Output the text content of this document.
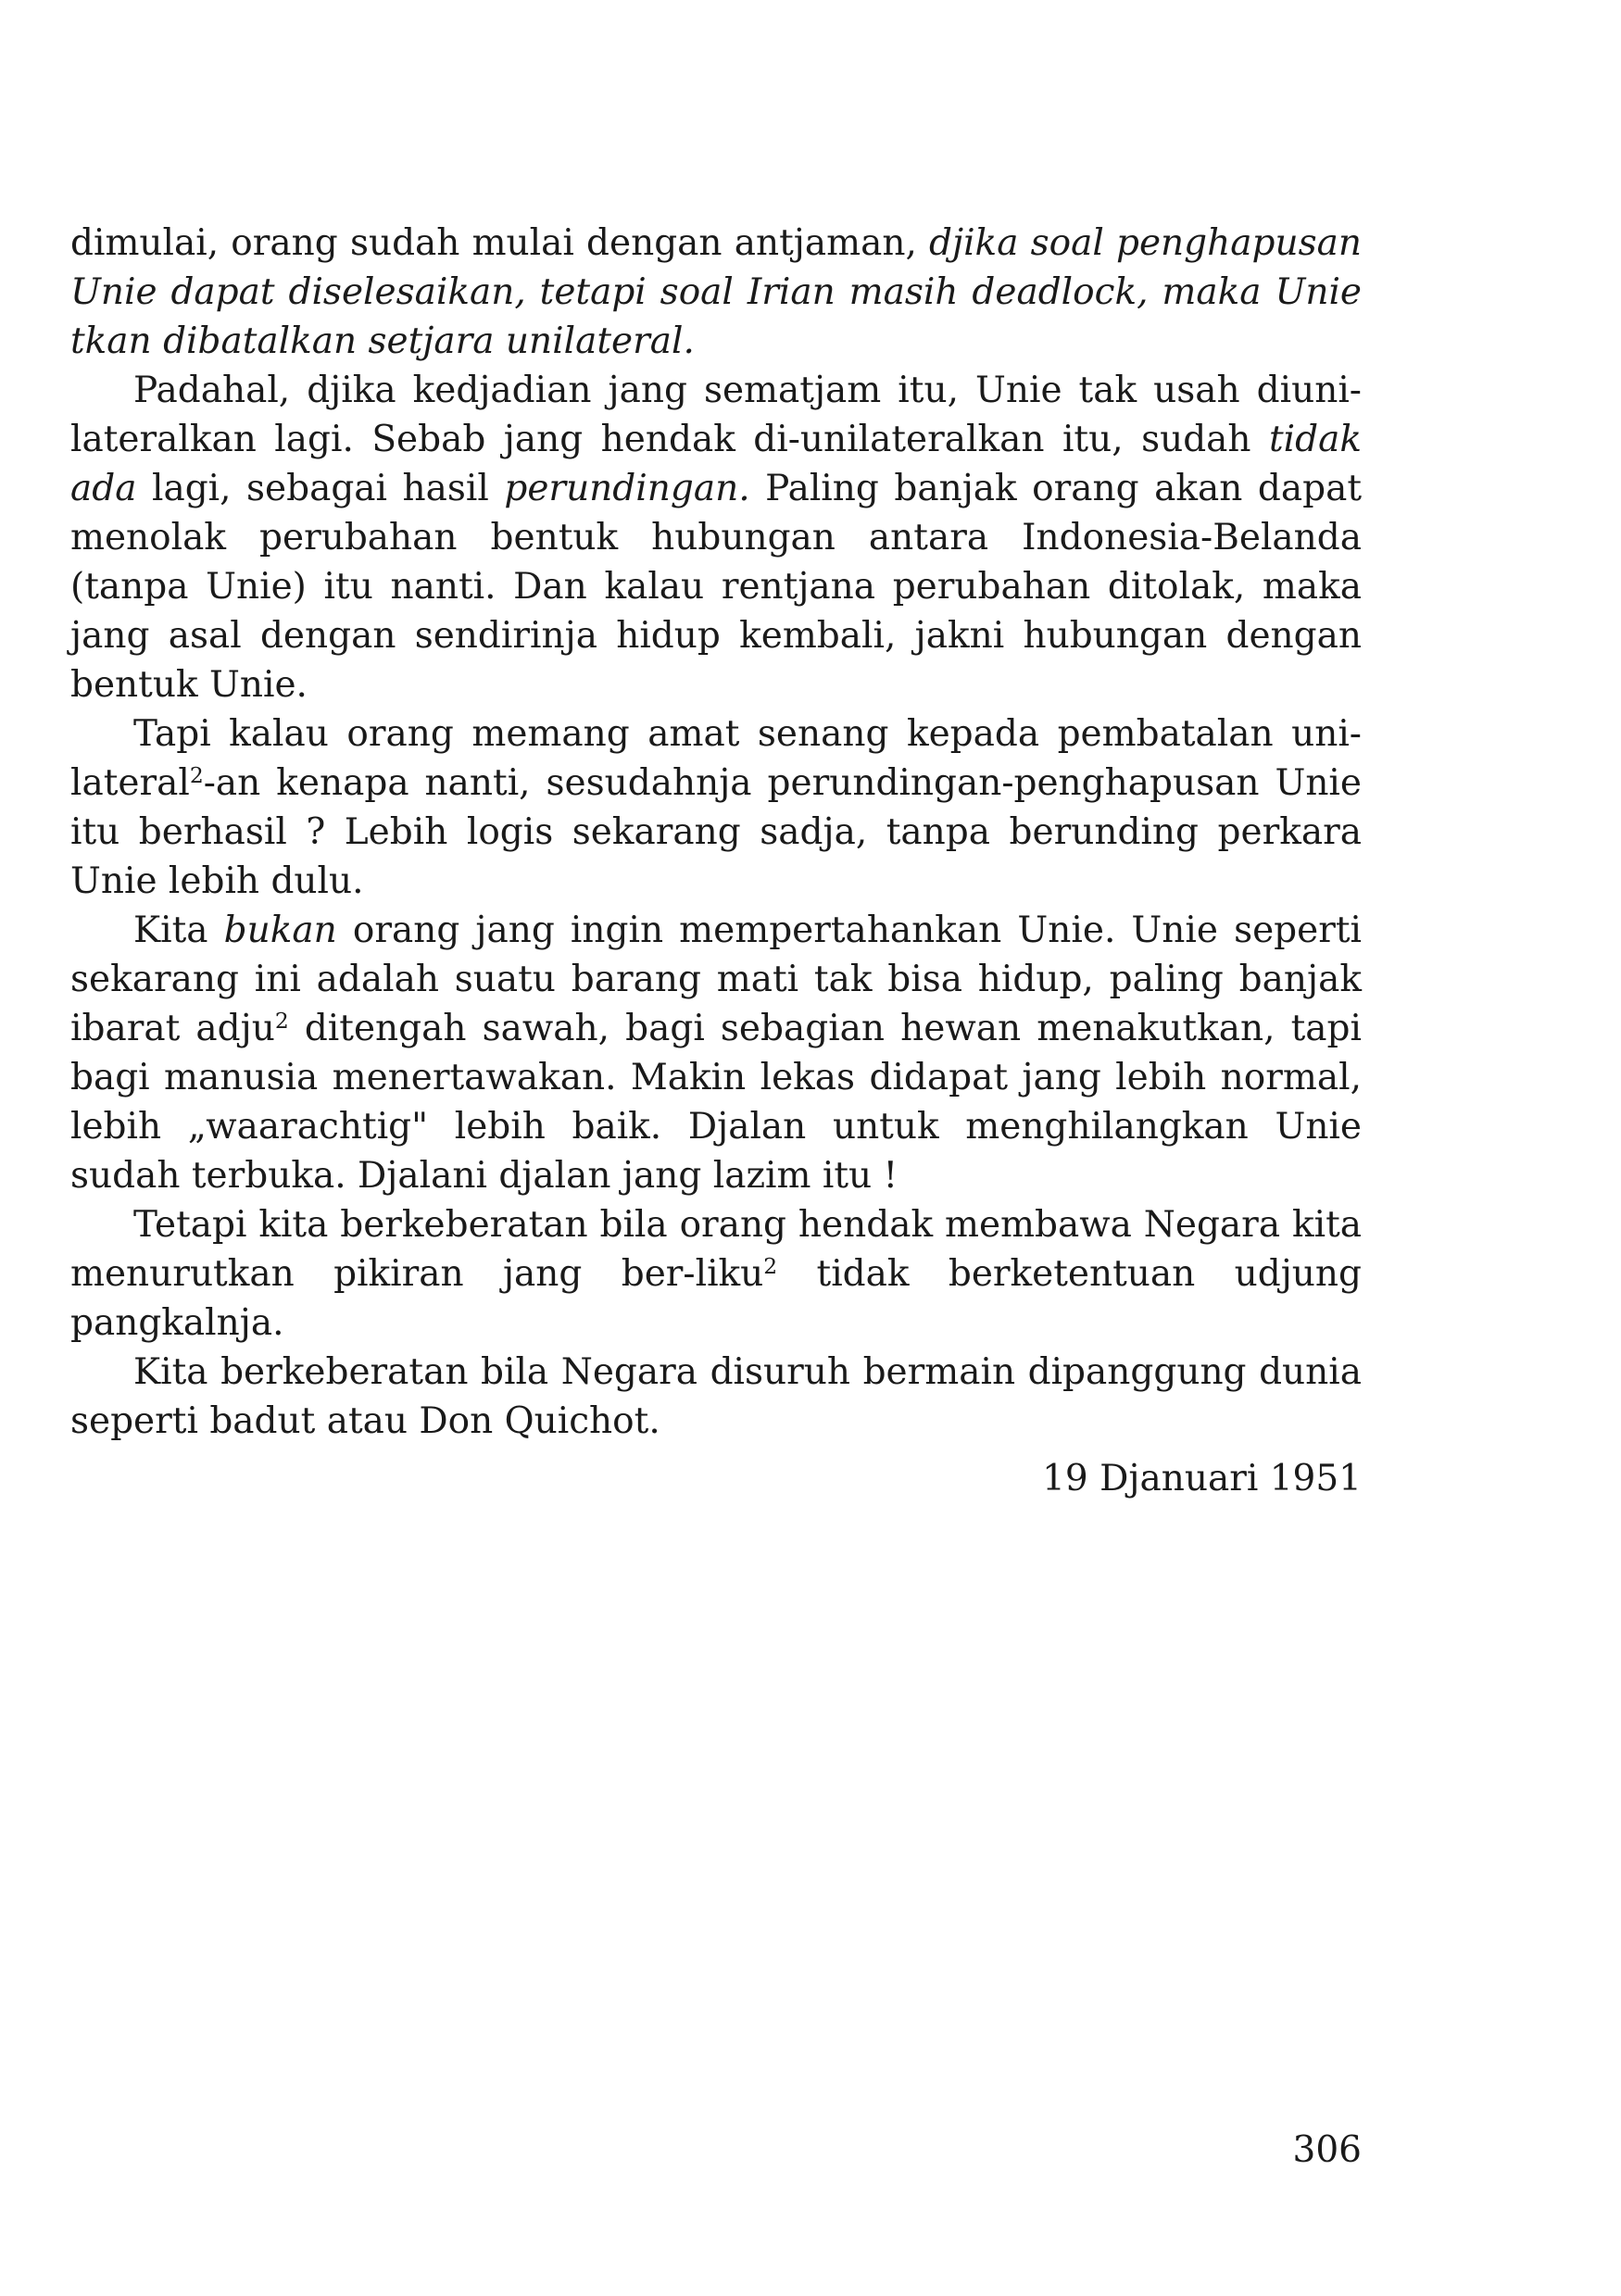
dimulai, orang sudah mulai dengan antjaman, djika soal penghapusan Unie dapat diselesaikan, tetapi soal Irian masih deadlock, maka Unie tkan dibatalkan setjara unilateral.

Padahal, djika kedjadian jang sematjam itu, Unie tak usah diuni-lateralkan lagi. Sebab jang hendak di-unilateralkan itu, sudah tidak ada lagi, sebagai hasil perundingan. Paling banjak orang akan dapat menolak perubahan bentuk hubungan antara Indonesia-Belanda (tanpa Unie) itu nanti. Dan kalau rentjana perubahan ditolak, maka jang asal dengan sendirinja hidup kembali, jakni hubungan dengan bentuk Unie.

Tapi kalau orang memang amat senang kepada pembatalan uni-lateral$^2$-an kenapa nanti, sesudahnja perundingan-penghapusan Unie itu berhasil ? Lebih logis sekarang sadja, tanpa berunding perkara Unie lebih dulu.

Kita bukan orang jang ingin mempertahankan Unie. Unie seperti sekarang ini adalah suatu barang mati tak bisa hidup, paling banjak ibarat adju$^2$ ditengah sawah, bagi sebagian hewan menakutkan, tapi bagi manusia menertawakan. Makin lekas didapat jang lebih normal, lebih „waarachtig" lebih baik. Djalan untuk menghilangkan Unie sudah terbuka. Djalani djalan jang lazim itu !

Tetapi kita berkeberatan bila orang hendak membawa Negara kita menurutkan pikiran jang ber-liku$^2$ tidak berketentuan udjung pangkalnja.

Kita berkeberatan bila Negara disuruh bermain dipanggung dunia seperti badut atau Don Quichot.

19 Djanuari 1951
306
